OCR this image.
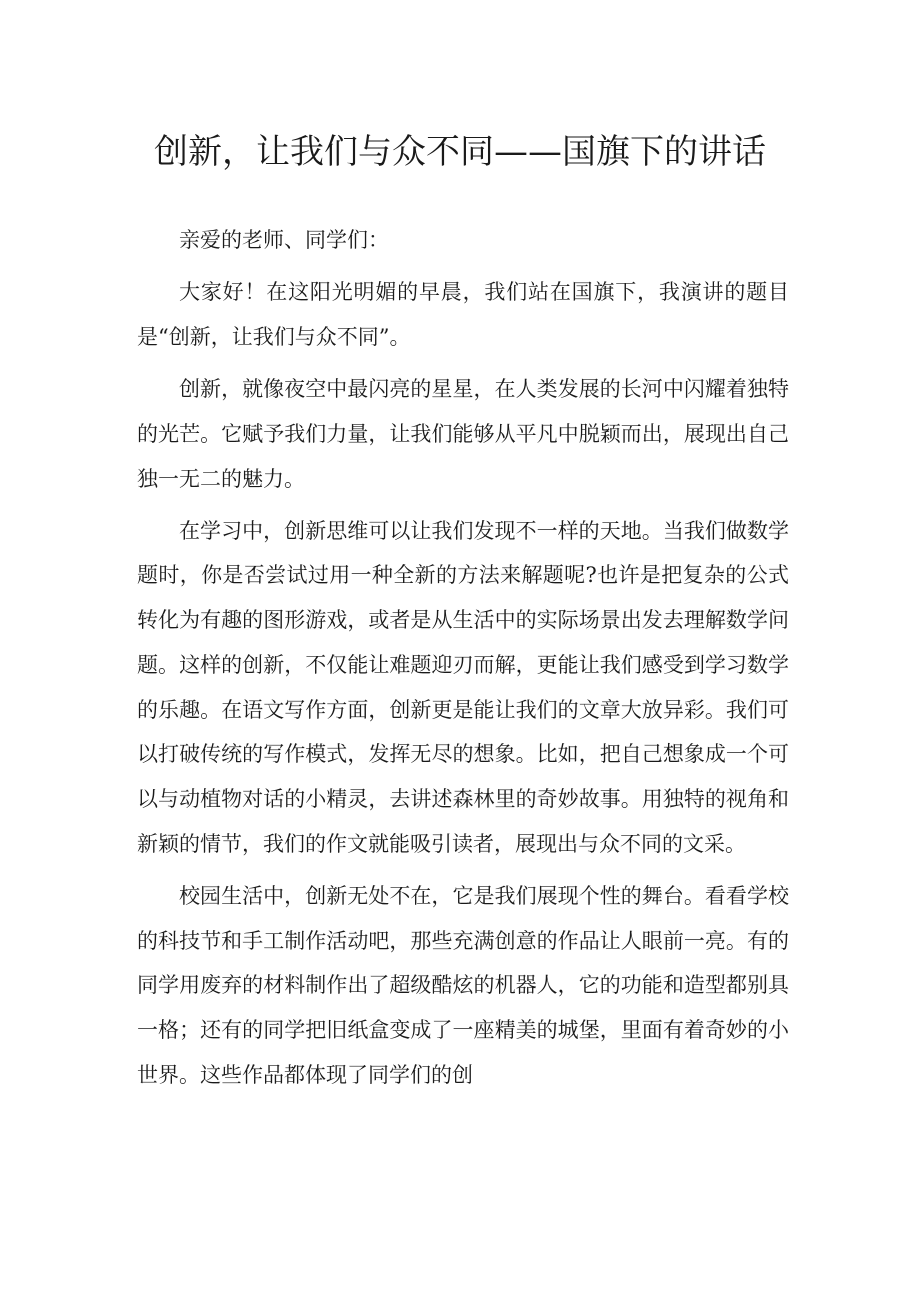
创新，让我们与众不同——国旗下的讲话

亲爱的老师、同学们：

大家好！在这阳光明媚的早晨，我们站在国旗下，我演讲的题目是“创新，让我们与众不同”。

创新，就像夜空中最闪亮的星星，在人类发展的长河中闪耀着独特的光芒。它赋予我们力量，让我们能够从平凡中脱颖而出，展现出自己独一无二的魅力。

在学习中，创新思维可以让我们发现不一样的天地。当我们做数学题时，你是否尝试过用一种全新的方法来解题呢?也许是把复杂的公式转化为有趣的图形游戏，或者是从生活中的实际场景出发去理解数学问题。这样的创新，不仅能让难题迎刃而解，更能让我们感受到学习数学的乐趣。在语文写作方面，创新更是能让我们的文章大放异彩。我们可以打破传统的写作模式，发挥无尽的想象。比如，把自己想象成一个可以与动植物对话的小精灵，去讲述森林里的奇妙故事。用独特的视角和新颖的情节，我们的作文就能吸引读者，展现出与众不同的文采。

校园生活中，创新无处不在，它是我们展现个性的舞台。看看学校的科技节和手工制作活动吧，那些充满创意的作品让人眼前一亮。有的同学用废弃的材料制作出了超级酷炫的机器人，它的功能和造型都别具一格；还有的同学把旧纸盒变成了一座精美的城堡，里面有着奇妙的小世界。这些作品都体现了同学们的创
